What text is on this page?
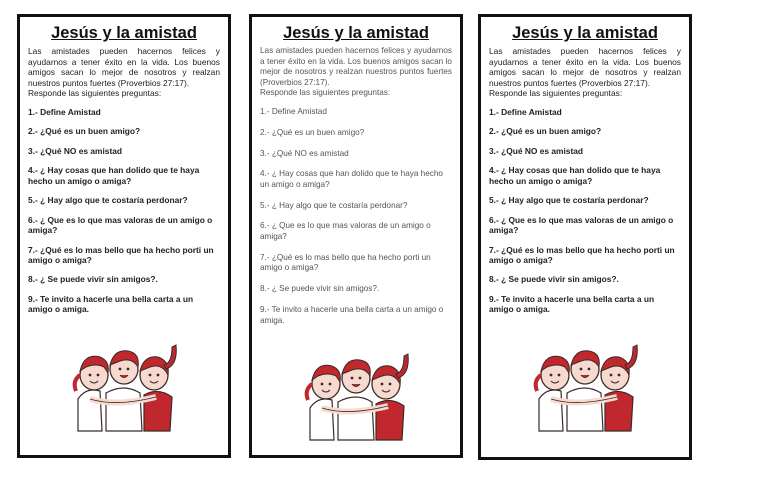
Jesús y la amistad

Las amistades pueden hacernos felices y ayudarnos a tener éxito en la vida. Los buenos amigos sacan lo mejor de nosotros y realzan nuestros puntos fuertes (Proverbios 27:17).

Responde las siguientes preguntas:

1.- Define Amistad

2.- ¿Qué es un buen amigo?

3.- ¿Qué NO es amistad

4.- ¿ Hay cosas que han dolido que te haya hecho un amigo o amiga?

5.- ¿ Hay algo que te costaría perdonar?

6.- ¿ Que es lo que mas valoras de un amigo o amiga?

7.- ¿Qué es lo mas bello que ha hecho porti un amigo o amiga?

8.- ¿ Se puede vivir sin amigos?.

9.- Te invito a hacerle una bella carta a un amigo o amiga.

Jesús y la amistad

Las amistades pueden hacernos felices y ayudarnos a tener éxito en la vida. Los buenos amigos sacan lo mejor de nosotros y realzan nuestros puntos fuertes (Proverbios 27:17).

Responde las siguientes preguntas:

1.- Define Amistad

2.- ¿Qué es un buen amigo?

3.- ¿Qué NO es amistad

4.- ¿ Hay cosas que han dolido que te haya hecho un amigo o amiga?

5.- ¿ Hay algo que te costaría perdonar?

6.- ¿ Que es lo que mas valoras de un amigo o amiga?

7.- ¿Qué es lo mas bello que ha hecho porti un amigo o amiga?

8.- ¿ Se puede vivir sin amigos?.

9.- Te invito a hacerle una bella carta a un amigo o amiga.

Jesús y la amistad

Las amistades pueden hacernos felices y ayudarnos a tener éxito en la vida. Los buenos amigos sacan lo mejor de nosotros y realzan nuestros puntos fuertes (Proverbios 27:17).

Responde las siguientes preguntas:

1.- Define Amistad

2.- ¿Qué es un buen amigo?

3.- ¿Qué NO es amistad

4.- ¿ Hay cosas que han dolido que te haya hecho un amigo o amiga?

5.- ¿ Hay algo que te costaría perdonar?

6.- ¿ Que es lo que mas valoras de un amigo o amiga?

7.- ¿Qué es lo mas bello que ha hecho porti un amigo o amiga?

8.- ¿ Se puede vivir sin amigos?.

9.- Te invito a hacerle una bella carta a un amigo o amiga.
